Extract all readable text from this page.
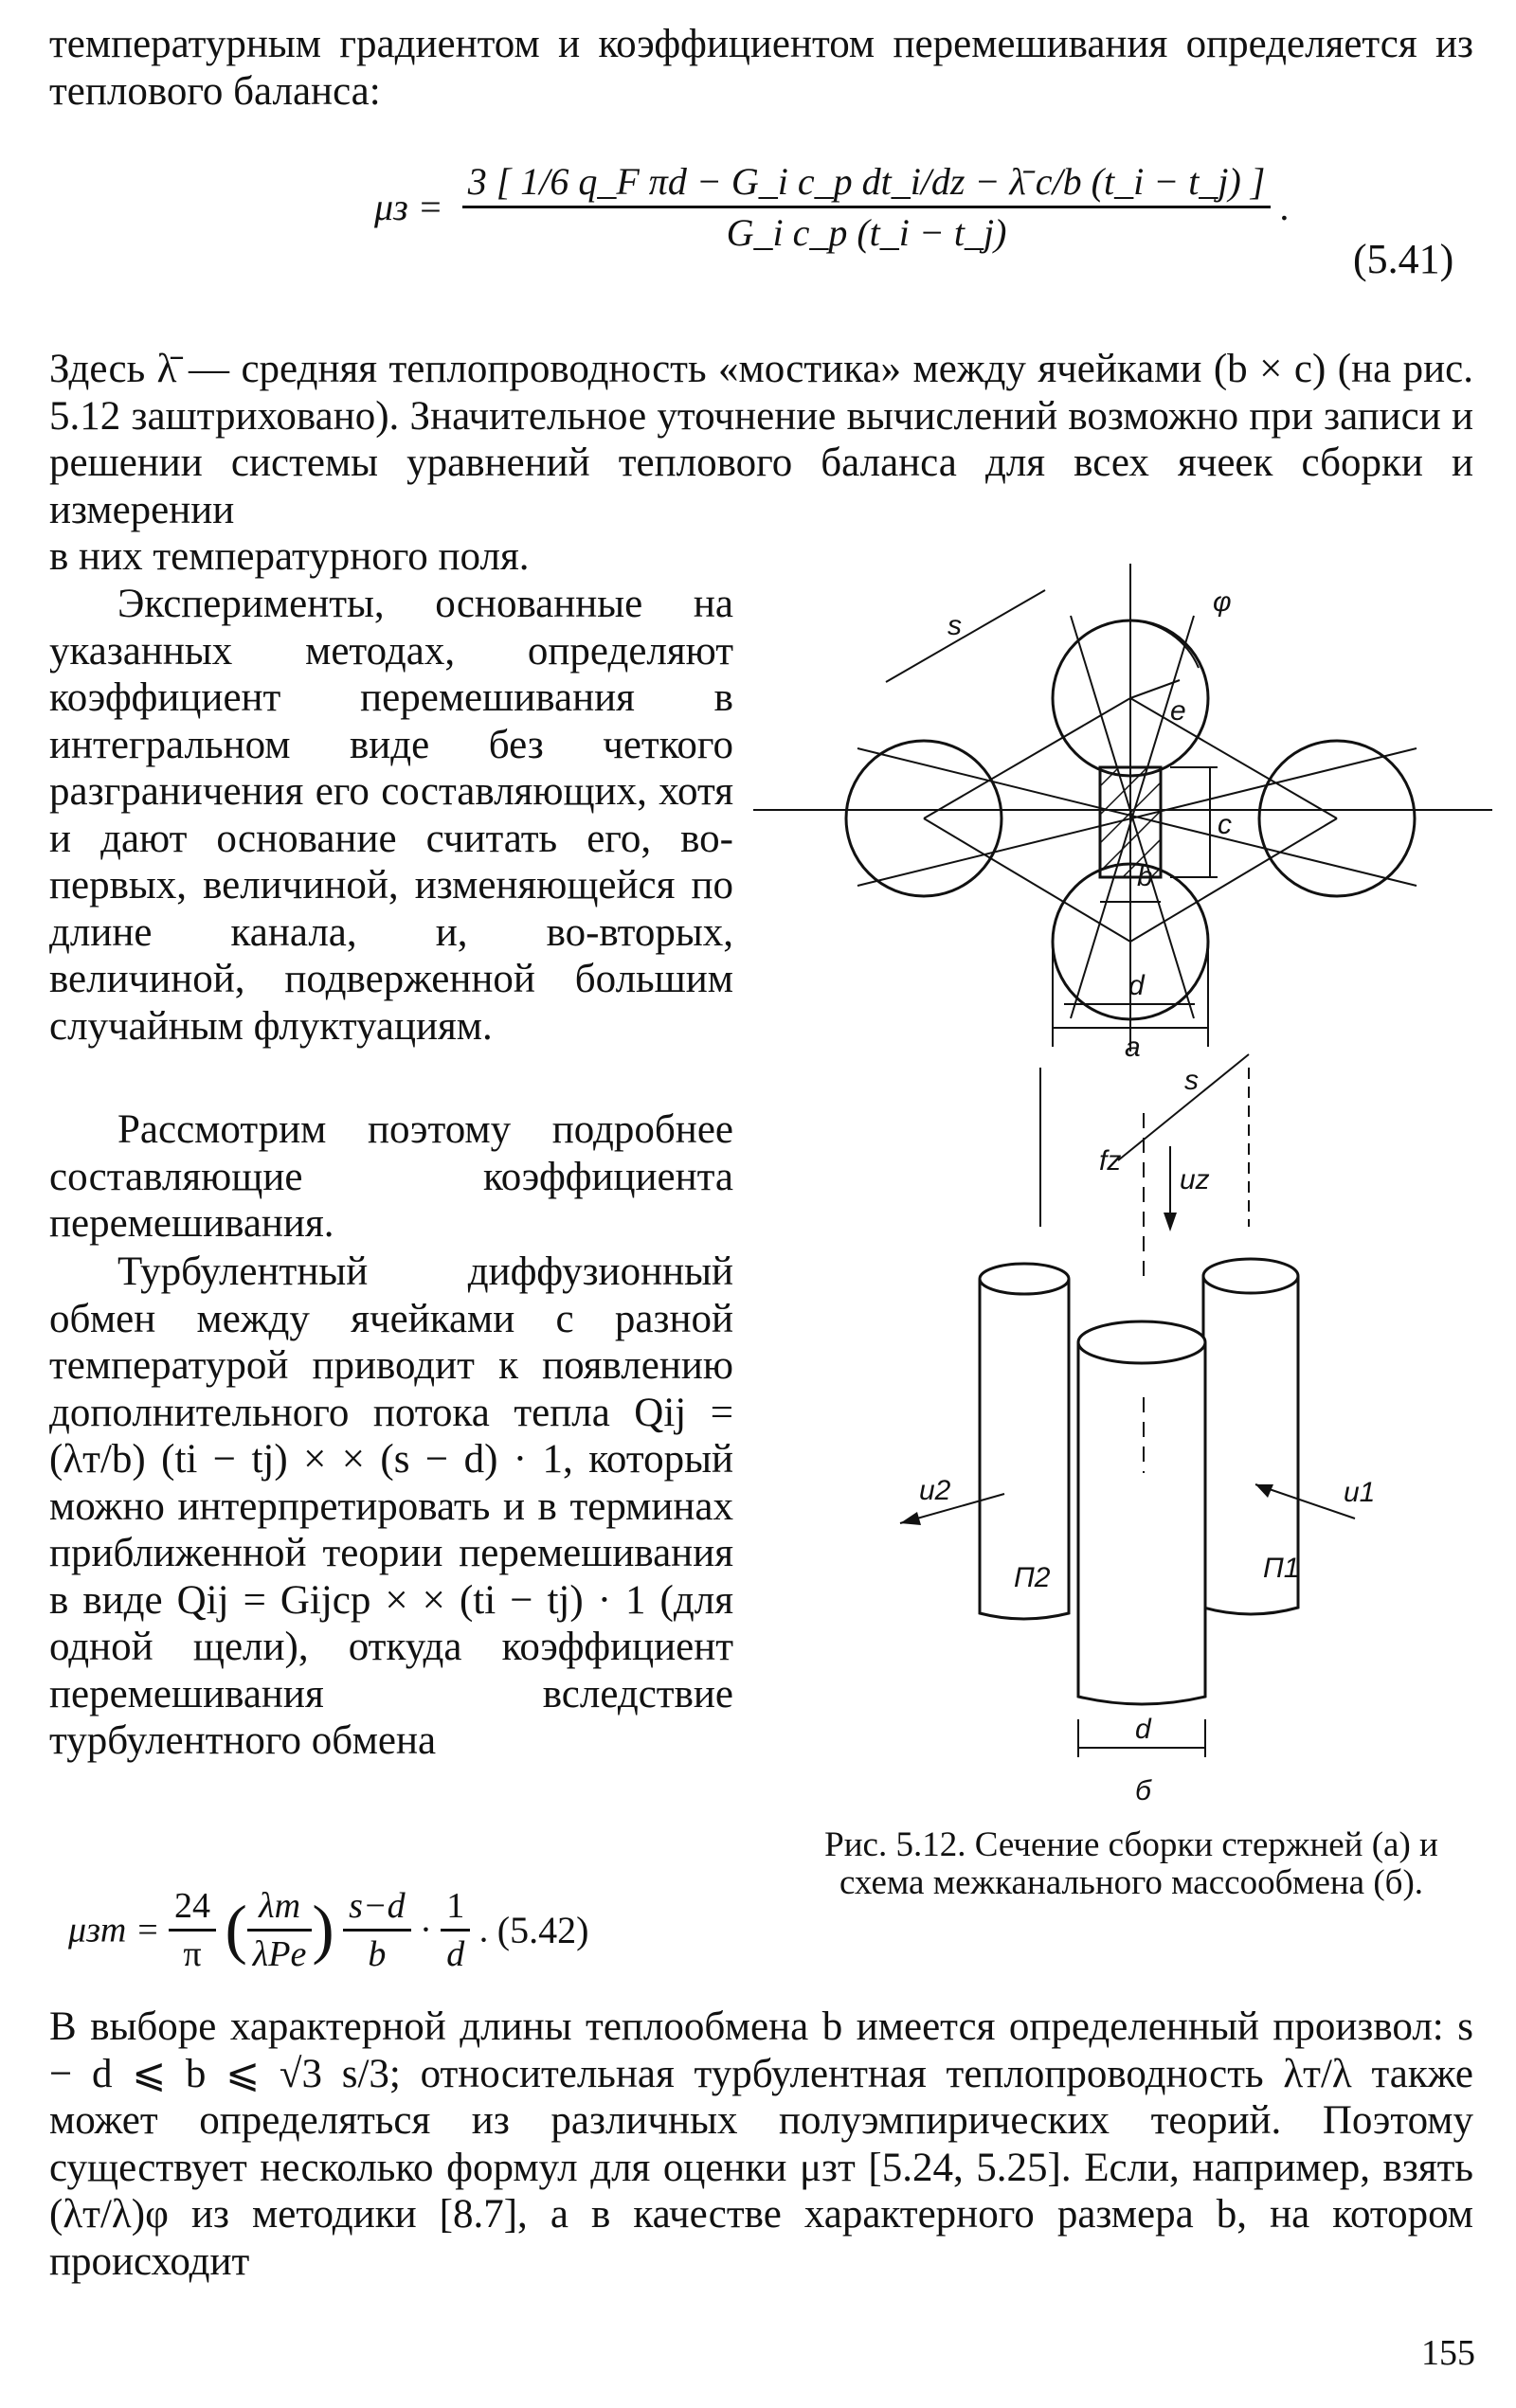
температурным градиентом и коэффициентом перемешивания определяется из теплового баланса:

$\mu з = \frac{\text{3 [ 1/6 q\_F πd − G\_i c\_p dt\_i/dz − λ̄ c/b (t\_i − t\_j) ]}}{\text{G\_i c\_p (t\_i − t\_j)}}$ .
(5.41)

Здесь λ̄ — средняя теплопроводность «мостика» между ячейками (b × c) (на рис. 5.12 заштриховано). Значительное уточнение вычислений возможно при записи и решении системы уравнений теплового баланса для всех ячеек сборки и измерении

в них температурного поля.

Эксперименты, основанные на указанных методах, определяют коэффициент перемешивания в интегральном виде без четкого разграничения его составляющих, хотя и дают основание считать его, во-первых, величиной, изменяющейся по длине канала, и, во-вторых, величиной, подверженной большим случайным флуктуациям.

Рассмотрим поэтому подробнее составляющие коэффициента перемешивания.

Турбулентный диффузионный обмен между ячейками с разной температурой приводит к появлению дополнительного потока тепла Qij = (λт/b) (ti − tj) × × (s − d) · 1, который можно интерпретировать и в терминах приближенной теории перемешивания в виде Qij = Gijcp × × (ti − tj) · 1 (для одной щели), откуда коэффициент перемешивания вследствие турбулентного обмена

$\mu зт = \frac{24}{\pi}$ ( $\frac{\lambda т}{\text{λPe}}$ ) $\frac{s-d}{b} \cdot \frac{1}{d}$ . (5.42)

В выборе характерной длины теплообмена b имеется определенный произвол: s − d ⩽ b ⩽ √3 s/3; относительная турбулентная теплопроводность λт/λ также может определяться из различных полуэмпирических теорий. Поэтому существует несколько формул для оценки μзт [5.24, 5.25]. Если, например, взять (λт/λ)φ из методики [8.7], а в качестве характерного размера b, на котором происходит

s
φ
e
c
b
d
a
s
fz
uz
u2	u1
П2	П1
d
б
Рис. 5.12. Сечение сборки стержней (а) и схема межканального массообмена (б).
155
